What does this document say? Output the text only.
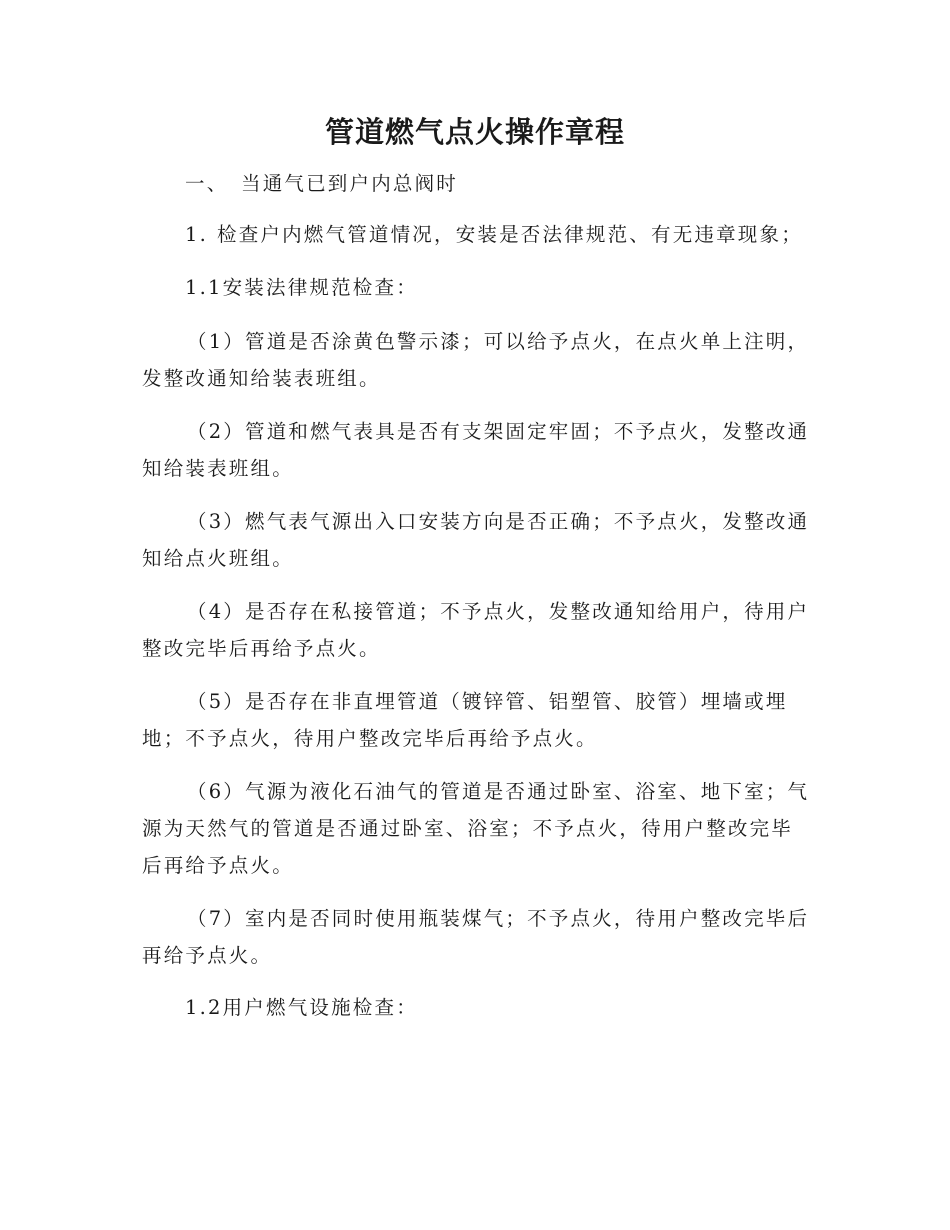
管道燃气点火操作章程
一、 当通气已到户内总阀时
1. 检查户内燃气管道情况，安装是否法律规范、有无违章现象；
1.1安装法律规范检查：
（1）管道是否涂黄色警示漆；可以给予点火，在点火单上注明，
发整改通知给装表班组。
（2）管道和燃气表具是否有支架固定牢固；不予点火，发整改通
知给装表班组。
（3）燃气表气源出入口安装方向是否正确；不予点火，发整改通
知给点火班组。
（4）是否存在私接管道；不予点火，发整改通知给用户，待用户
整改完毕后再给予点火。
（5）是否存在非直埋管道（镀锌管、铝塑管、胶管）埋墙或埋
地；不予点火，待用户整改完毕后再给予点火。
（6）气源为液化石油气的管道是否通过卧室、浴室、地下室；气
源为天然气的管道是否通过卧室、浴室；不予点火，待用户整改完毕
后再给予点火。
（7）室内是否同时使用瓶装煤气；不予点火，待用户整改完毕后
再给予点火。
1.2用户燃气设施检查：
